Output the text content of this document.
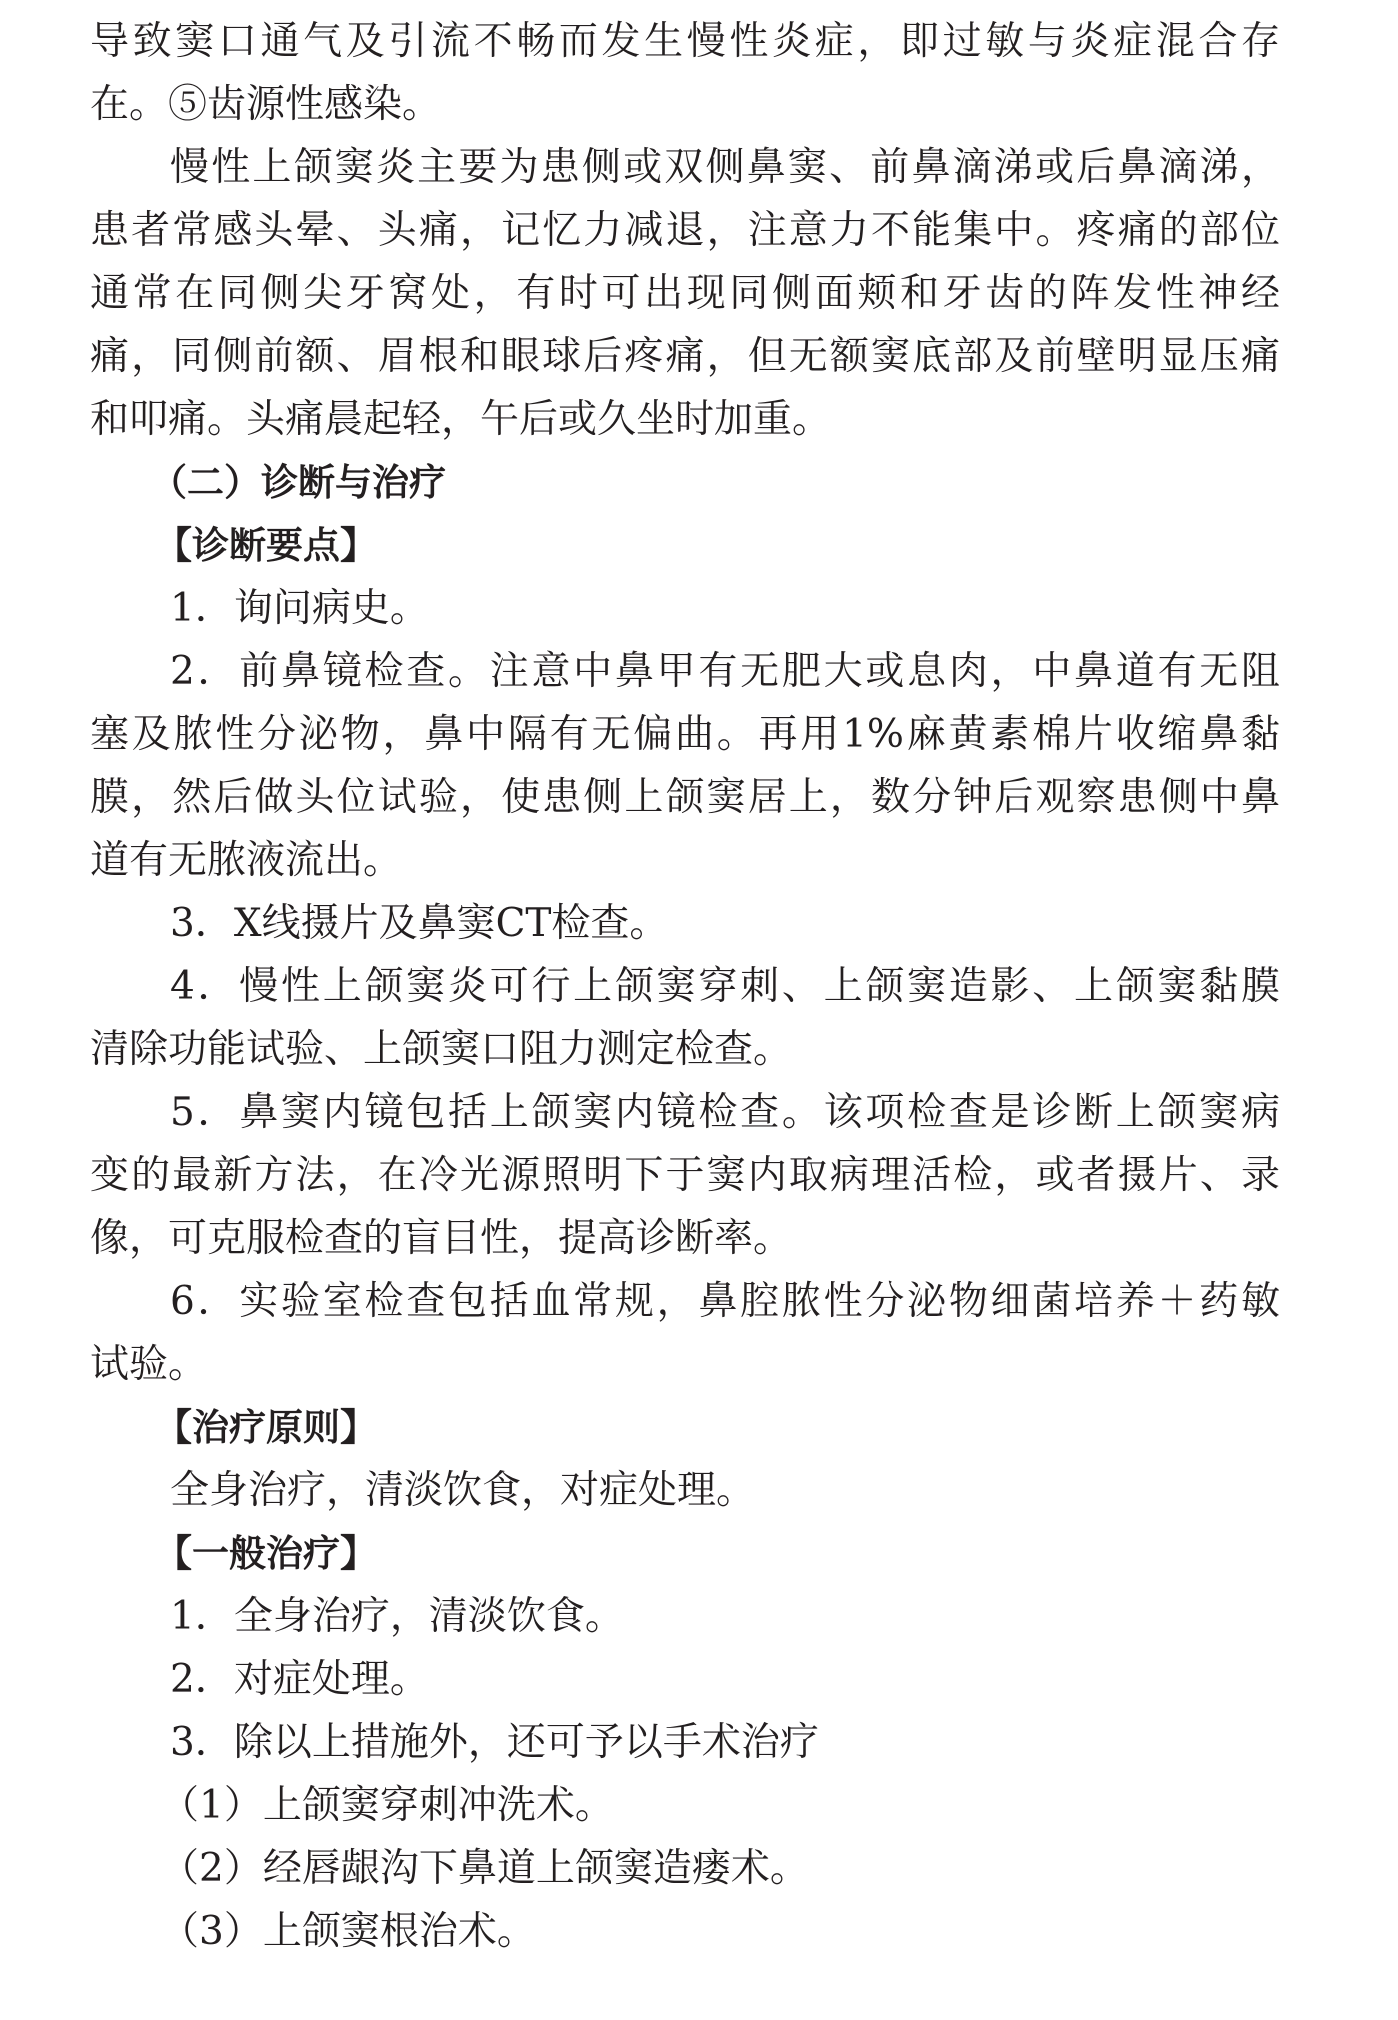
导致窦口通气及引流不畅而发生慢性炎症，即过敏与炎症混合存
在。⑤齿源性感染。
慢性上颌窦炎主要为患侧或双侧鼻窦、前鼻滴涕或后鼻滴涕，
患者常感头晕、头痛，记忆力减退，注意力不能集中。疼痛的部位
通常在同侧尖牙窝处，有时可出现同侧面颊和牙齿的阵发性神经
痛，同侧前额、眉根和眼球后疼痛，但无额窦底部及前壁明显压痛
和叩痛。头痛晨起轻，午后或久坐时加重。
（二）诊断与治疗
【诊断要点】
1．询问病史。
2．前鼻镜检查。注意中鼻甲有无肥大或息肉，中鼻道有无阻
塞及脓性分泌物，鼻中隔有无偏曲。再用1%麻黄素棉片收缩鼻黏
膜，然后做头位试验，使患侧上颌窦居上，数分钟后观察患侧中鼻
道有无脓液流出。
3．X线摄片及鼻窦CT检查。
4．慢性上颌窦炎可行上颌窦穿刺、上颌窦造影、上颌窦黏膜
清除功能试验、上颌窦口阻力测定检查。
5．鼻窦内镜包括上颌窦内镜检查。该项检查是诊断上颌窦病
变的最新方法，在冷光源照明下于窦内取病理活检，或者摄片、录
像，可克服检查的盲目性，提高诊断率。
6．实验室检查包括血常规，鼻腔脓性分泌物细菌培养＋药敏
试验。
【治疗原则】
全身治疗，清淡饮食，对症处理。
【一般治疗】
1．全身治疗，清淡饮食。
2．对症处理。
3．除以上措施外，还可予以手术治疗
（1）上颌窦穿刺冲洗术。
（2）经唇龈沟下鼻道上颌窦造瘘术。
（3）上颌窦根治术。
